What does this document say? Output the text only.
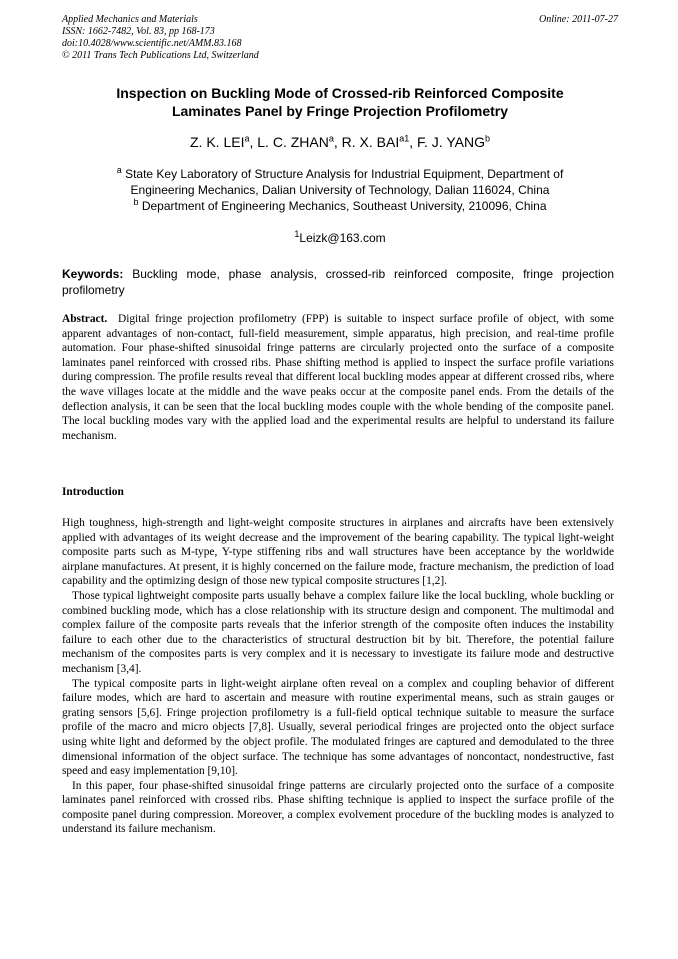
Applied Mechanics and Materials
ISSN: 1662-7482, Vol. 83, pp 168-173
doi:10.4028/www.scientific.net/AMM.83.168
© 2011 Trans Tech Publications Ltd, Switzerland
Online: 2011-07-27
Inspection on Buckling Mode of Crossed-rib Reinforced Composite
Laminates Panel by Fringe Projection Profilometry
Z. K. LEI$^a$, L. C. ZHAN$^a$, R. X. $BAI^{a1}$, F. J. YANG$^b$
$^a$ State Key Laboratory of Structure Analysis for Industrial Equipment, Department of
Engineering Mechanics, Dalian University of Technology, Dalian 116024, China
$^b$ Department of Engineering Mechanics, Southeast University, 210096, China
$^1$Leizk@163.com
Keywords: Buckling mode, phase analysis, crossed-rib reinforced composite, fringe projection profilometry
Abstract. Digital fringe projection profilometry (FPP) is suitable to inspect surface profile of object, with some apparent advantages of non-contact, full-field measurement, simple apparatus, high precision, and real-time profile automation. Four phase-shifted sinusoidal fringe patterns are circularly projected onto the surface of a composite laminates panel reinforced with crossed ribs. Phase shifting method is applied to inspect the surface profile variations during compression. The profile results reveal that different local buckling modes appear at different crossed ribs, where the wave villages locate at the middle and the wave peaks occur at the composite panel ends. From the details of the deflection analysis, it can be seen that the local buckling modes couple with the whole bending of the composite panel. The local buckling modes vary with the applied load and the experimental results are helpful to understand its failure mechanism.
Introduction

High toughness, high-strength and light-weight composite structures in airplanes and aircrafts have been extensively applied with advantages of its weight decrease and the improvement of the bearing capability. The typical light-weight composite parts such as M-type, Y-type stiffening ribs and wall structures have been acceptance by the worldwide airplane manufactures. At present, it is highly concerned on the failure mode, fracture mechanism, the prediction of load capability and the optimizing design of those new typical composite structures [1,2].

Those typical lightweight composite parts usually behave a complex failure like the local buckling, whole buckling or combined buckling mode, which has a close relationship with its structure design and component. The multimodal and complex failure of the composite parts reveals that the inferior strength of the composite often induces the instability failure to each other due to the characteristics of structural destruction bit by bit. Therefore, the potential failure mechanism of the composites parts is very complex and it is necessary to investigate its failure mode and destructive mechanism [3,4].

The typical composite parts in light-weight airplane often reveal on a complex and coupling behavior of different failure modes, which are hard to ascertain and measure with routine experimental means, such as strain gauges or grating sensors [5,6]. Fringe projection profilometry is a full-field optical technique suitable to measure the surface profile of the macro and micro objects [7,8]. Usually, several periodical fringes are projected onto the object surface using white light and deformed by the object profile. The modulated fringes are captured and demodulated to the three dimensional information of the object surface. The technique has some advantages of noncontact, nondestructive, fast speed and easy implementation [9,10].

In this paper, four phase-shifted sinusoidal fringe patterns are circularly projected onto the surface of a composite laminates panel reinforced with crossed ribs. Phase shifting technique is applied to inspect the surface profile of the composite panel during compression. Moreover, a complex evolvement procedure of the buckling modes is analyzed to understand its failure mechanism.
